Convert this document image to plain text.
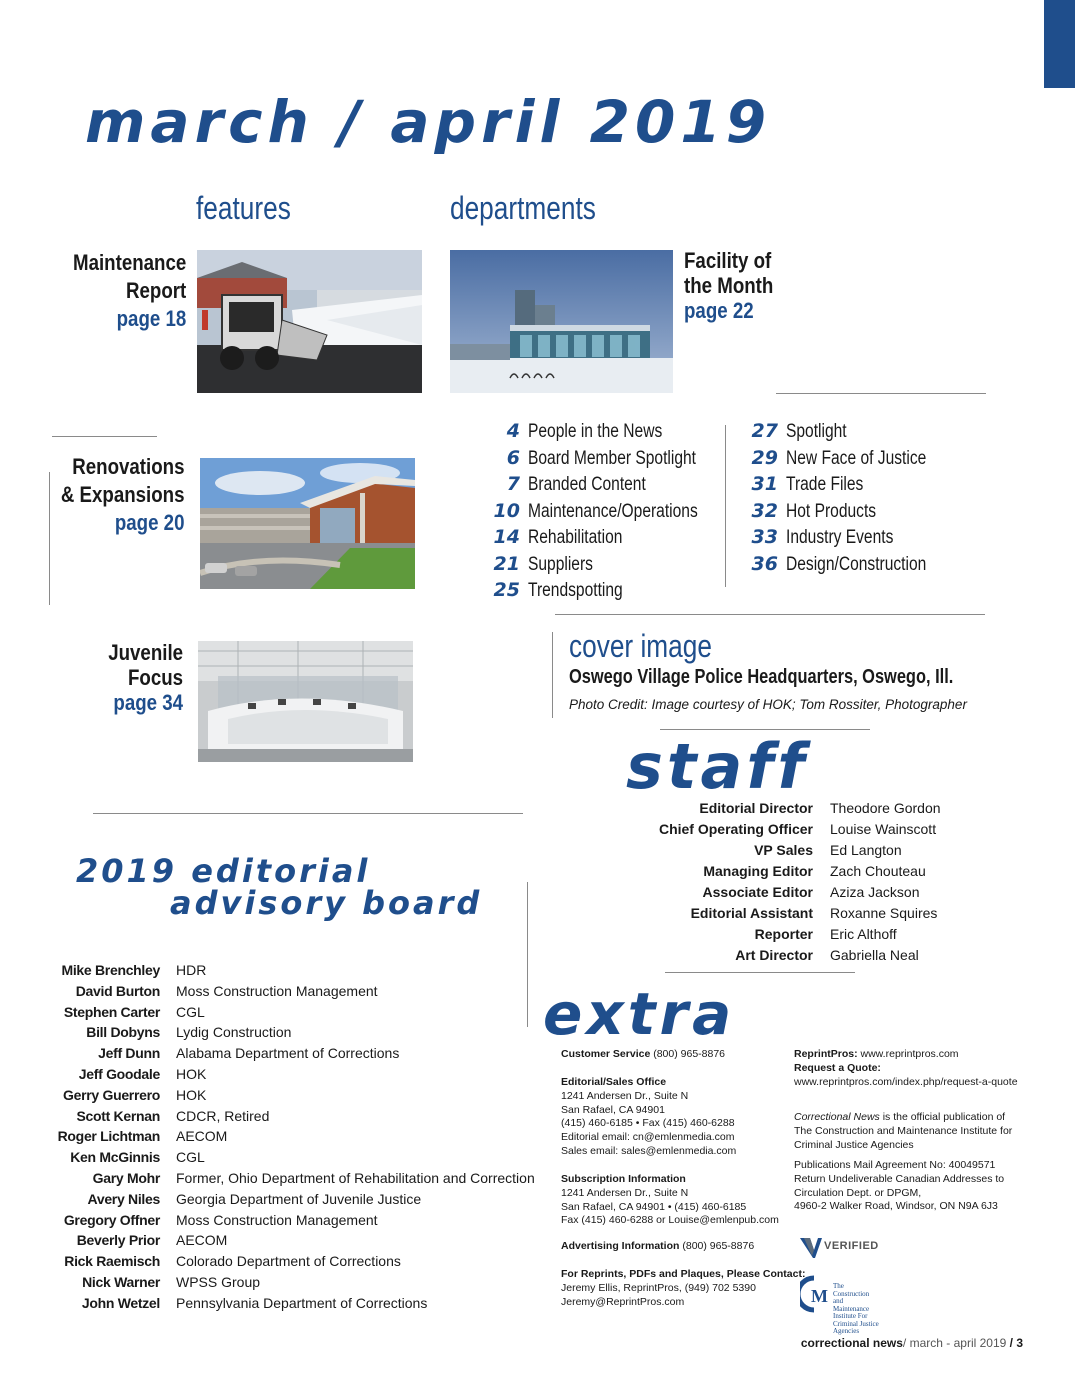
march / april 2019
features	departments
Maintenance
Report
page 18
Facility of
the Month
page 22
Renovations
& Expansions
page 20
4 People in the News
6 Board Member Spotlight
7 Branded Content
10 Maintenance/Operations
14 Rehabilitation
21 Suppliers
25 Trendspotting
27 Spotlight
29 New Face of Justice
31 Trade Files
32 Hot Products
33 Industry Events
36 Design/Construction
Juvenile
Focus
page 34
cover image
Oswego Village Police Headquarters, Oswego, Ill.
Photo Credit: Image courtesy of HOK; Tom Rossiter, Photographer
staff
Editorial Director Theodore Gordon
Chief Operating Officer Louise Wainscott
VP Sales Ed Langton
Managing Editor Zach Chouteau
Associate Editor Aziza Jackson
Editorial Assistant Roxanne Squires
Reporter Eric Althoff
Art Director Gabriella Neal
2019 editorial
advisory board
Mike Brenchley HDR
David Burton Moss Construction Management
Stephen Carter CGL
Bill Dobyns Lydig Construction
Jeff Dunn Alabama Department of Corrections
Jeff Goodale HOK
Gerry Guerrero HOK
Scott Kernan CDCR, Retired
Roger Lichtman AECOM
Ken McGinnis CGL
Gary Mohr Former, Ohio Department of Rehabilitation and Correction
Avery Niles Georgia Department of Juvenile Justice
Gregory Offner Moss Construction Management
Beverly Prior AECOM
Rick Raemisch Colorado Department of Corrections
Nick Warner WPSS Group
John Wetzel Pennsylvania Department of Corrections
extra
Customer Service (800) 965-8876
Editorial/Sales Office
1241 Andersen Dr., Suite N
San Rafael, CA 94901
(415) 460-6185 • Fax (415) 460-6288
Editorial email: cn@emlenmedia.com
Sales email: sales@emlenmedia.com
Subscription Information
1241 Andersen Dr., Suite N
San Rafael, CA 94901 • (415) 460-6185
Fax (415) 460-6288 or Louise@emlenpub.com
Advertising Information (800) 965-8876
For Reprints, PDFs and Plaques, Please Contact:
Jeremy Ellis, ReprintPros, (949) 702 5390
Jeremy@ReprintPros.com
ReprintPros: www.reprintpros.com
Request a Quote:
www.reprintpros.com/index.php/request-a-quote
Correctional News is the official publication of
The Construction and Maintenance Institute for
Criminal Justice Agencies
Publications Mail Agreement No: 40049571
Return Undeliverable Canadian Addresses to
Circulation Dept. or DPGM,
4960-2 Walker Road, Windsor, ON N9A 6J3
VERIFIED
M The Construction and Maintenance Institute For Criminal Justice Agencies
correctional news/ march - april 2019 / 3
